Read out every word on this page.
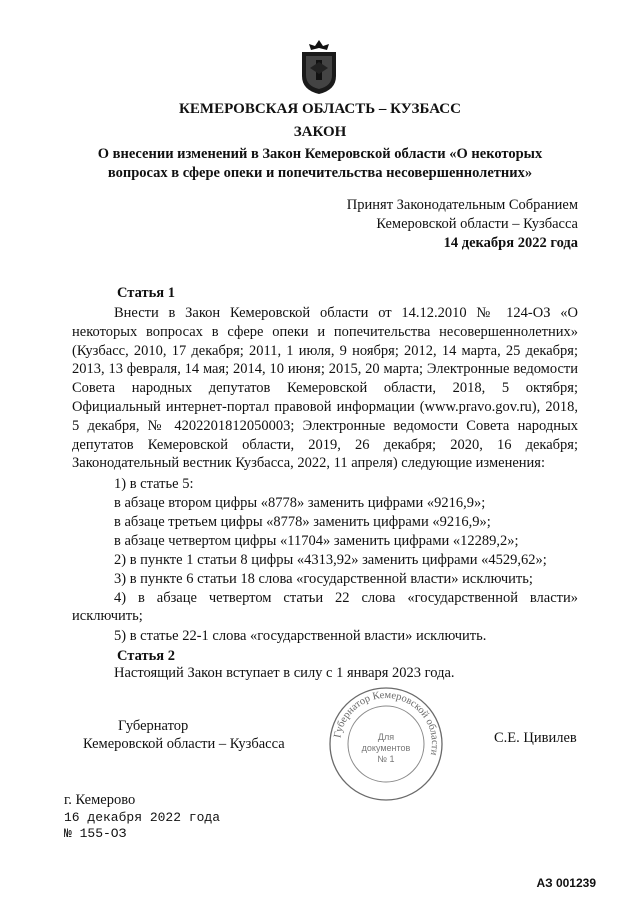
КЕМЕРОВСКАЯ ОБЛАСТЬ – КУЗБАСС
ЗАКОН
О внесении изменений в Закон Кемеровской области «О некоторых
вопросах в сфере опеки и попечительства несовершеннолетних»
Принят Законодательным Собранием
Кемеровской области – Кузбасса
14 декабря 2022 года
Статья 1
Внести в Закон Кемеровской области от 14.12.2010 № 124-ОЗ «О некоторых вопросах в сфере опеки и попечительства несовершеннолетних» (Кузбасс, 2010, 17 декабря; 2011, 1 июля, 9 ноября; 2012, 14 марта, 25 декабря; 2013, 13 февраля, 14 мая; 2014, 10 июня; 2015, 20 марта; Электронные ведомости Совета народных депутатов Кемеровской области, 2018, 5 октября; Официальный интернет-портал правовой информации (www.pravo.gov.ru), 2018, 5 декабря, № 4202201812050003; Электронные ведомости Совета народных депутатов Кемеровской области, 2019, 26 декабря; 2020, 16 декабря; Законодательный вестник Кузбасса, 2022, 11 апреля) следующие изменения:
1) в статье 5:
в абзаце втором цифры «8778» заменить цифрами «9216,9»;
в абзаце третьем цифры «8778» заменить цифрами «9216,9»;
в абзаце четвертом цифры «11704» заменить цифрами «12289,2»;
2) в пункте 1 статьи 8 цифры «4313,92» заменить цифрами «4529,62»;
3) в пункте 6 статьи 18 слова «государственной власти» исключить;
4) в абзаце четвертом статьи 22 слова «государственной власти» исключить;
5) в статье 22-1 слова «государственной власти» исключить.
Статья 2
Настоящий Закон вступает в силу с 1 января 2023 года.
Губернатор
Кемеровской области – Кузбасса
Губернатор Кемеровской области
Для
документов
№ 1
С.Е. Цивилев
г. Кемерово
16 декабря 2022 года
№ 155-ОЗ
АЗ 001239
